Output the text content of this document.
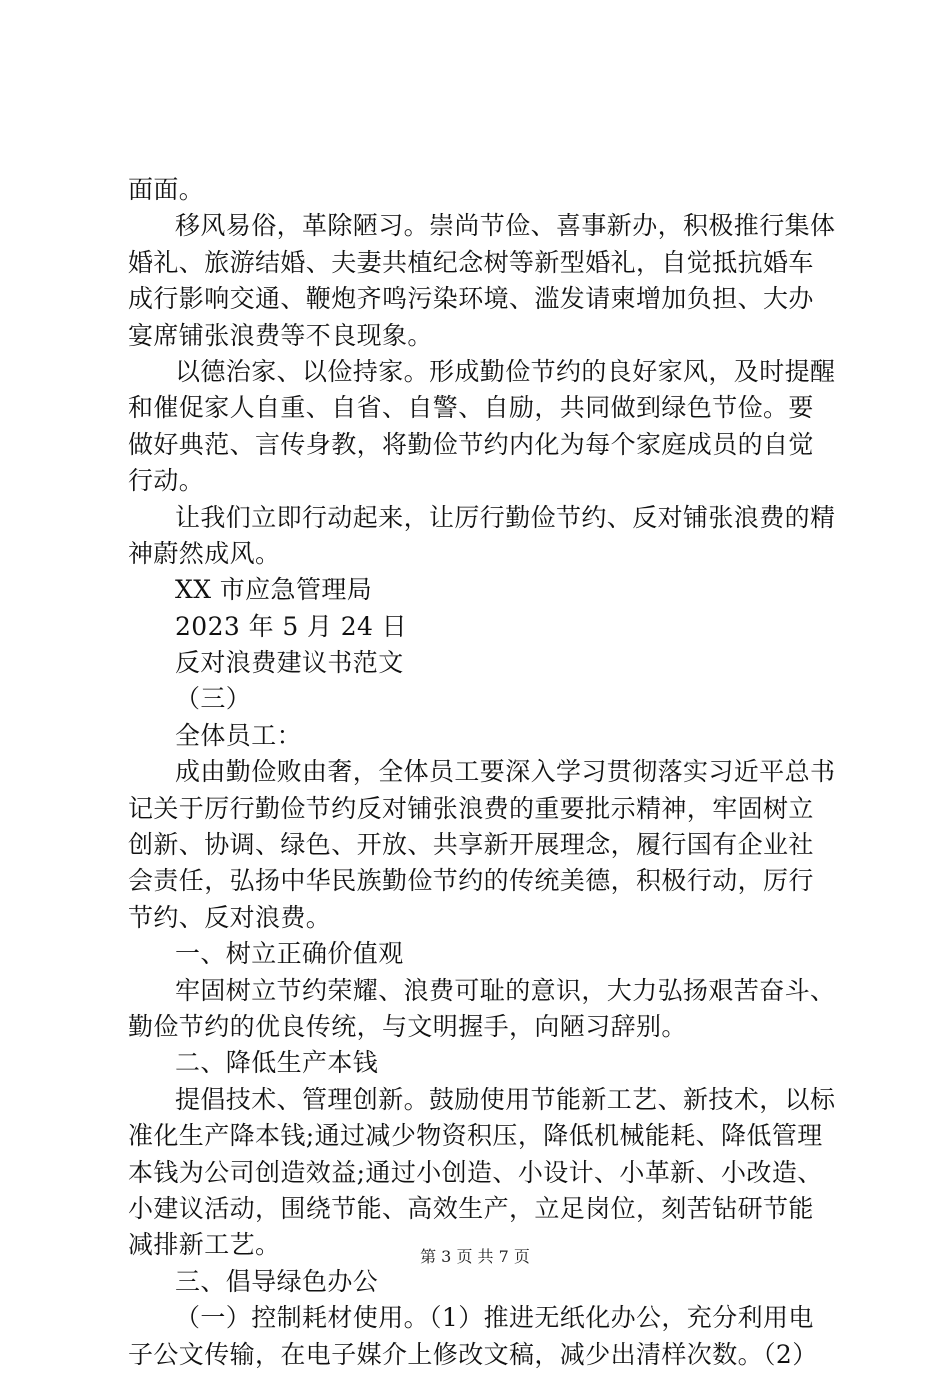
面面。
移风易俗，革除陋习。崇尚节俭、喜事新办，积极推行集体
婚礼、旅游结婚、夫妻共植纪念树等新型婚礼，自觉抵抗婚车
成行影响交通、鞭炮齐鸣污染环境、滥发请柬增加负担、大办
宴席铺张浪费等不良现象。
以德治家、以俭持家。形成勤俭节约的良好家风，及时提醒
和催促家人自重、自省、自警、自励，共同做到绿色节俭。要
做好典范、言传身教，将勤俭节约内化为每个家庭成员的自觉
行动。
让我们立即行动起来，让厉行勤俭节约、反对铺张浪费的精
神蔚然成风。
XX 市应急管理局
2023 年 5 月 24 日
反对浪费建议书范文
（三）
全体员工：
成由勤俭败由奢，全体员工要深入学习贯彻落实习近平总书
记关于厉行勤俭节约反对铺张浪费的重要批示精神，牢固树立
创新、协调、绿色、开放、共享新开展理念，履行国有企业社
会责任，弘扬中华民族勤俭节约的传统美德，积极行动，厉行
节约、反对浪费。
一、树立正确价值观
牢固树立节约荣耀、浪费可耻的意识，大力弘扬艰苦奋斗、
勤俭节约的优良传统，与文明握手，向陋习辞别。
二、降低生产本钱
提倡技术、管理创新。鼓励使用节能新工艺、新技术，以标
准化生产降本钱;通过减少物资积压，降低机械能耗、降低管理
本钱为公司创造效益;通过小创造、小设计、小革新、小改造、
小建议活动，围绕节能、高效生产，立足岗位，刻苦钻研节能
减排新工艺。
三、倡导绿色办公
（一）控制耗材使用。（1）推进无纸化办公，充分利用电
子公文传输，在电子媒介上修改文稿，减少出清样次数。（2）
第 3 页 共 7 页
